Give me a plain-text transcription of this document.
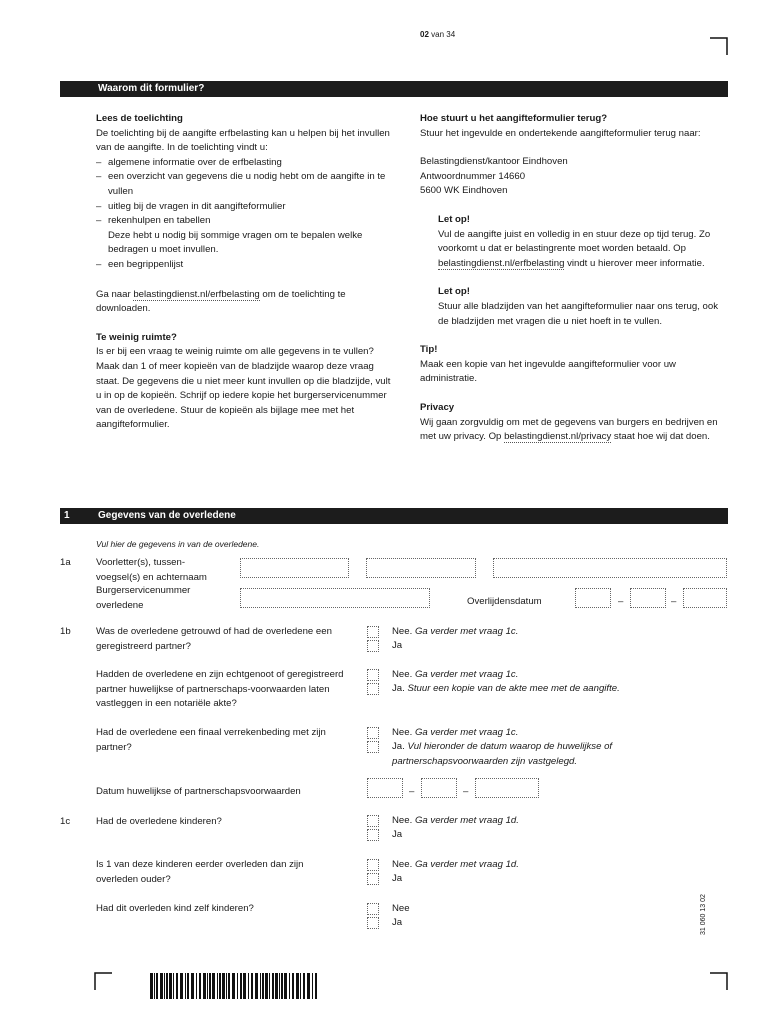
02 van 34
Waarom dit formulier?
Lees de toelichting
De toelichting bij de aangifte erfbelasting kan u helpen bij het invullen van de aangifte. In de toelichting vindt u:
– algemene informatie over de erfbelasting
– een overzicht van gegevens die u nodig hebt om de aangifte in te vullen
– uitleg bij de vragen in dit aangifteformulier
– rekenhulpen en tabellen
Deze hebt u nodig bij sommige vragen om te bepalen welke bedragen u moet invullen.
– een begrippenlijst
Ga naar belastingdienst.nl/erfbelasting om de toelichting te downloaden.
Te weinig ruimte?
Is er bij een vraag te weinig ruimte om alle gegevens in te vullen? Maak dan 1 of meer kopieën van de bladzijde waarop deze vraag staat. De gegevens die u niet meer kunt invullen op die bladzijde, vult u in op de kopieën. Schrijf op iedere kopie het burgerservicenummer van de overledene. Stuur de kopieën als bijlage mee met het aangifteformulier.
Hoe stuurt u het aangifteformulier terug?
Stuur het ingevulde en ondertekende aangifteformulier terug naar:
Belastingdienst/kantoor Eindhoven
Antwoordnummer 14660
5600 WK Eindhoven
Let op!
Vul de aangifte juist en volledig in en stuur deze op tijd terug. Zo voorkomt u dat er belastingrente moet worden betaald. Op belastingdienst.nl/erfbelasting vindt u hierover meer informatie.
Let op!
Stuur alle bladzijden van het aangifteformulier naar ons terug, ook de bladzijden met vragen die u niet hoeft in te vullen.
Tip!
Maak een kopie van het ingevulde aangifteformulier voor uw administratie.
Privacy
Wij gaan zorgvuldig om met de gegevens van burgers en bedrijven en met uw privacy. Op belastingdienst.nl/privacy staat hoe wij dat doen.
1	Gegevens van de overledene
Vul hier de gegevens in van de overledene.
1a	Voorletter(s), tussen-voegsel(s) en achternaam
Burgerservicenummer overledene	Overlijdensdatum	–	–
1b	Was de overledene getrouwd of had de overledene een geregistreerd partner?
Nee. Ga verder met vraag 1c.
Ja
Hadden de overledene en zijn echtgenoot of geregistreerd partner huwelijkse of partnerschaps-voorwaarden laten vastleggen in een notariële akte?
Nee. Ga verder met vraag 1c.
Ja. Stuur een kopie van de akte mee met de aangifte.
Had de overledene een finaal verrekenbeding met zijn partner?
Nee. Ga verder met vraag 1c.
Ja. Vul hieronder de datum waarop de huwelijkse of partnerschapsvoorwaarden zijn vastgelegd.
Datum huwelijkse of partnerschapsvoorwaarden	–	–
1c	Had de overledene kinderen?	Nee. Ga verder met vraag 1d.
Ja
Is 1 van deze kinderen eerder overleden dan zijn overleden ouder?
Nee. Ga verder met vraag 1d.
Ja
Had dit overleden kind zelf kinderen?	Nee
Ja	31 060 13 02
